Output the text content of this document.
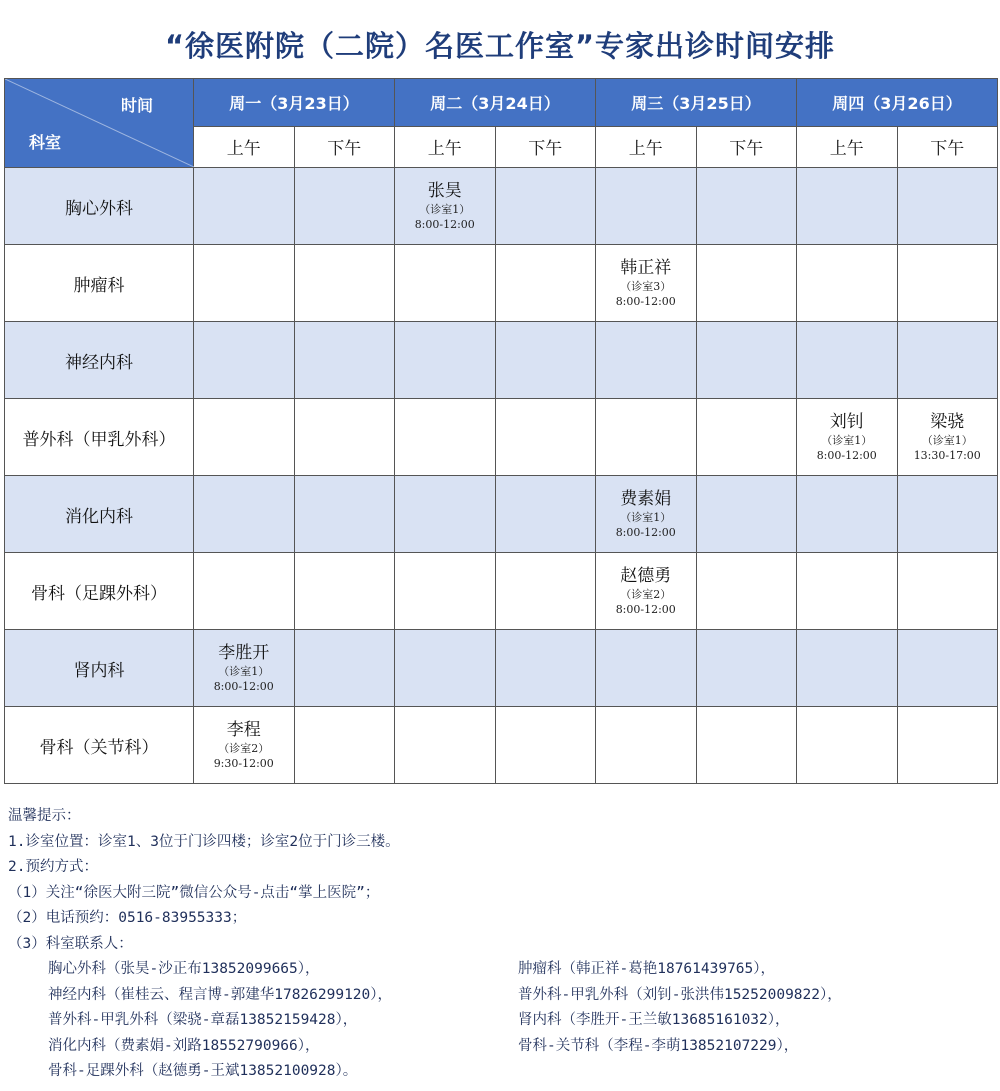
“徐医附院（二院）名医工作室”专家出诊时间安排
时间
科室	周一（3月23日）		周二（3月24日）		周三（3月25日）		周四（3月26日）	
	上午	下午	上午	下午	上午	下午	上午	下午
胸心外科			张昊
（诊室1）
8:00-12:00					

肿瘤科					韩正祥
（诊室3）
8:00-12:00			

神经内科								
普外科（甲乳外科）							刘钊
（诊室1）
8:00-12:00	梁骁
（诊室1）
13:30-17:00

消化内科					费素娟
（诊室1）
8:00-12:00			

骨科（足踝外科）					赵德勇
（诊室2）
8:00-12:00			

肾内科	李胜开
（诊室1）
8:00-12:00							

骨科（关节科）	李程
（诊室2）
9:30-12:00							

温馨提示：
1.诊室位置：诊室1、3位于门诊四楼；诊室2位于门诊三楼。
2.预约方式：
（1）关注“徐医大附三院”微信公众号-点击“掌上医院”；
（2）电话预约：0516-83955333；
（3）科室联系人：
胸心外科（张昊-沙正布13852099665），	肿瘤科（韩正祥-葛艳18761439765），
神经内科（崔桂云、程言博-郭建华17826299120），	普外科-甲乳外科（刘钊-张洪伟15252009822），
普外科-甲乳外科（梁骁-章磊13852159428），	肾内科（李胜开-王兰敏13685161032），
消化内科（费素娟-刘路18552790966），	骨科-关节科（李程-李萌13852107229），
骨科-足踝外科（赵德勇-王斌13852100928）。
